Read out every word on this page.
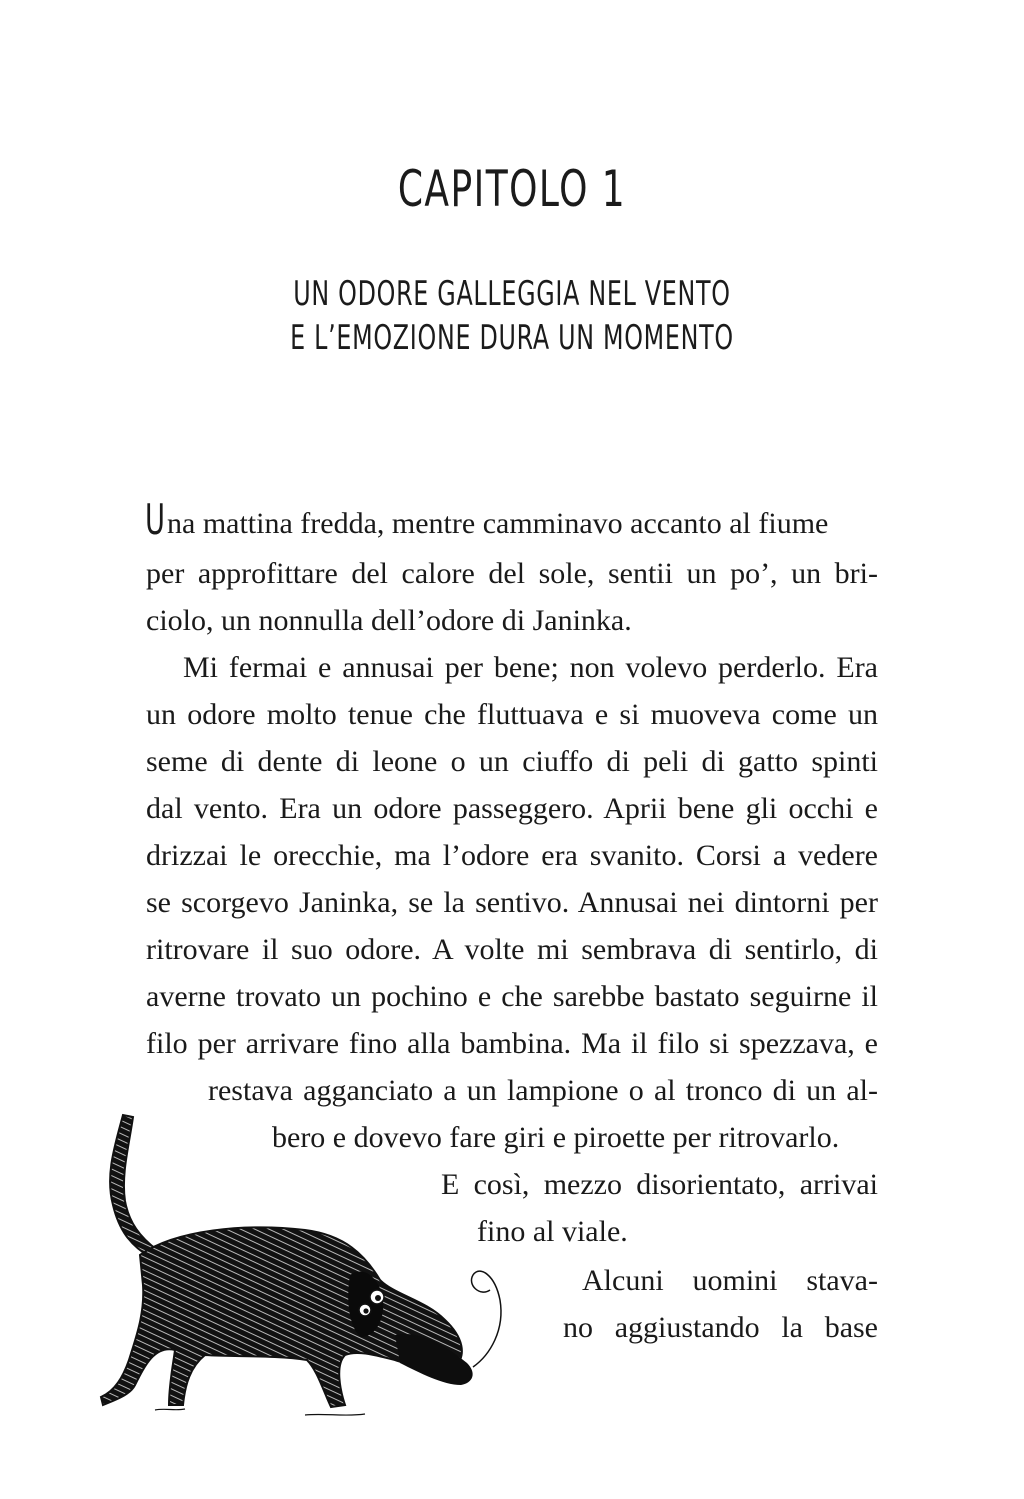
CAPITOLO 1
UN ODORE GALLEGGIA NEL VENTO
E L’EMOZIONE DURA UN MOMENTO
Una mattina fredda, mentre camminavo accanto al fiume
per approfittare del calore del sole, sentii un po’, un bri-
ciolo, un nonnulla dell’odore di Janinka.
Mi fermai e annusai per bene; non volevo perderlo. Era
un odore molto tenue che fluttuava e si muoveva come un
seme di dente di leone o un ciuffo di peli di gatto spinti
dal vento. Era un odore passeggero. Aprii bene gli occhi e
drizzai le orecchie, ma l’odore era svanito. Corsi a vedere
se scorgevo Janinka, se la sentivo. Annusai nei dintorni per
ritrovare il suo odore. A volte mi sembrava di sentirlo, di
averne trovato un pochino e che sarebbe bastato seguirne il
filo per arrivare fino alla bambina. Ma il filo si spezzava, e
restava agganciato a un lampione o al tronco di un al-
bero e dovevo fare giri e piroette per ritrovarlo.
E così, mezzo disorientato, arrivai
fino al viale.
Alcuni uomini stava-
no aggiustando la base
